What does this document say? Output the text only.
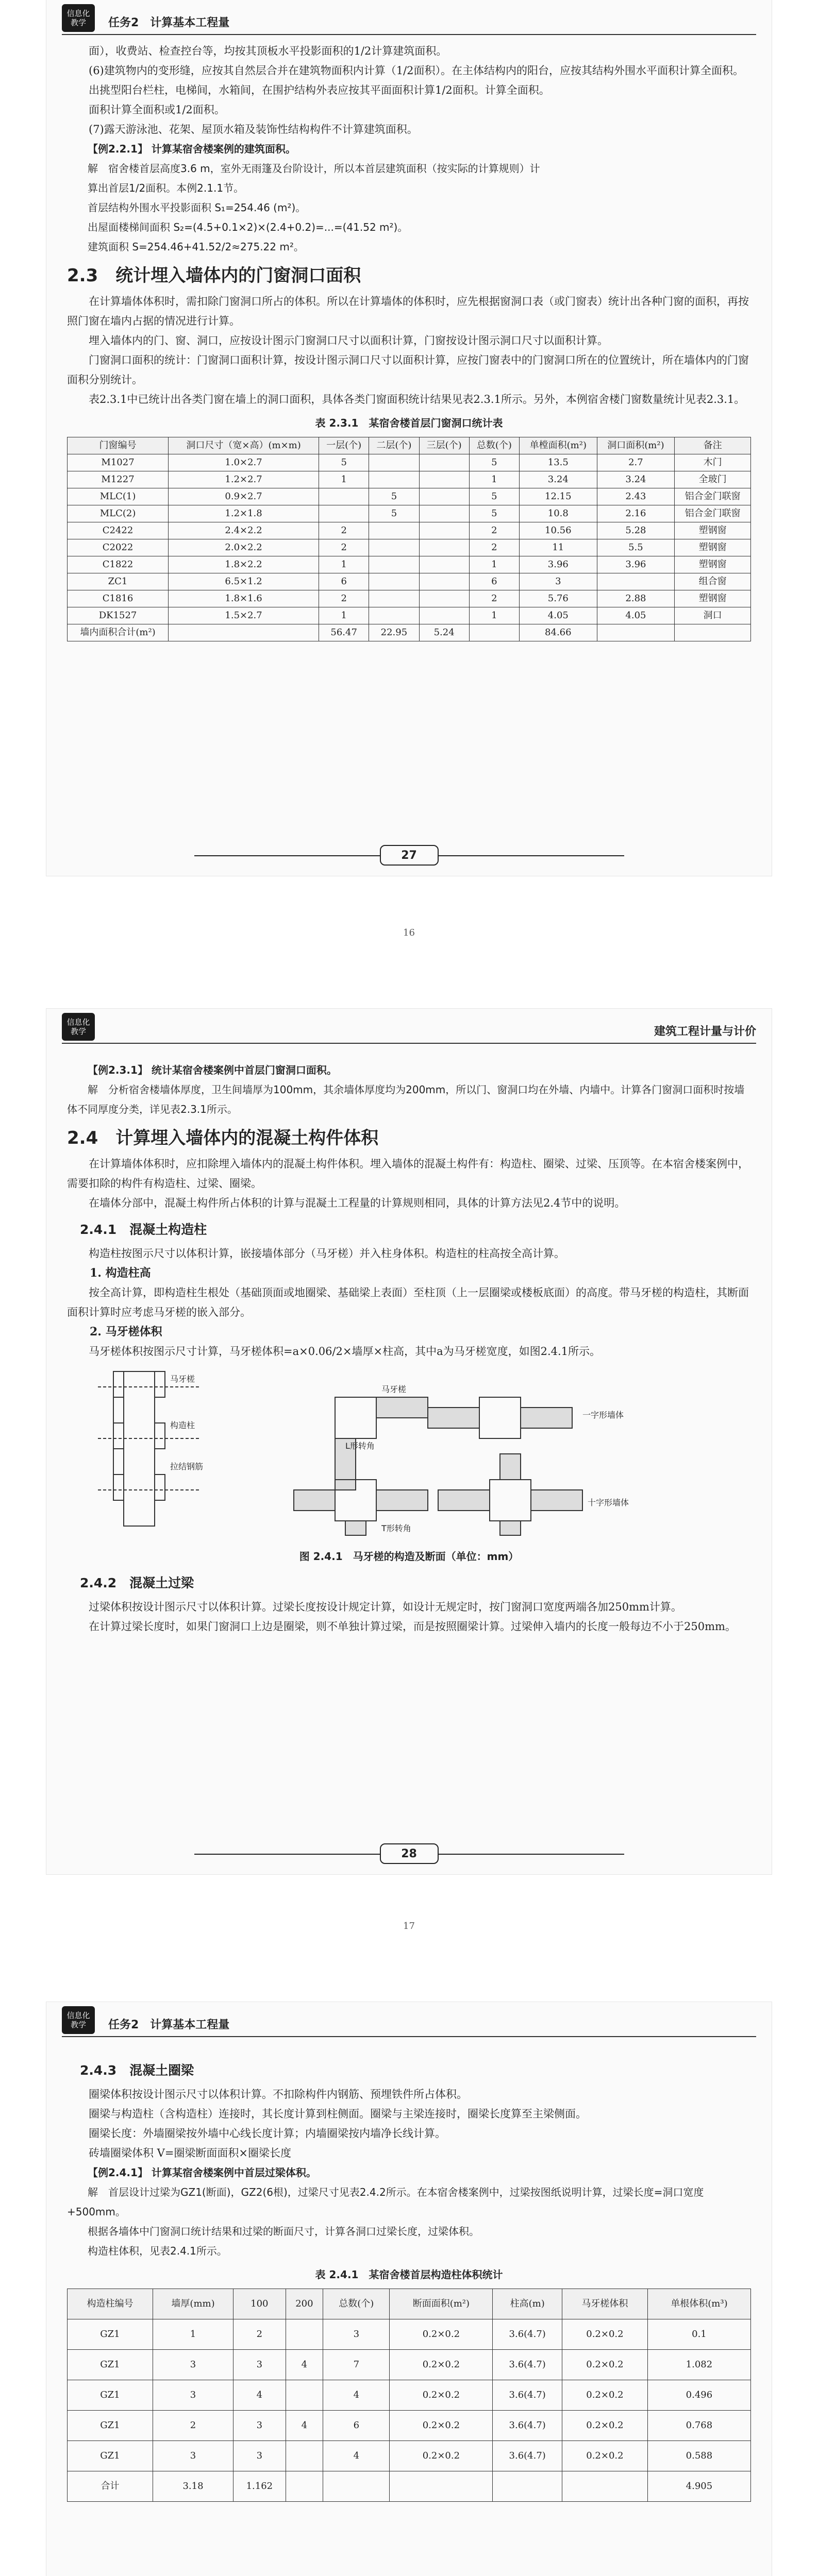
信息化 教学	任务2　计算基本工程量

面），收费站、检查控台等，均按其顶板水平投影面积的1/2计算建筑面积。

(6)建筑物内的变形缝，应按其自然层合并在建筑物面积内计算（1/2面积）。在主体结构内的阳台，应按其结构外围水平面积计算全面积。

出挑型阳台栏柱，电梯间，水箱间，在围护结构外表应按其平面面积计算1/2面积。计算全面积。

面积计算全面积或1/2面积。

(7)露天游泳池、花架、屋顶水箱及装饰性结构构件不计算建筑面积。

【例2.2.1】 计算某宿舍楼案例的建筑面积。
解　宿舍楼首层高度3.6 m，室外无雨篷及台阶设计，所以本首层建筑面积（按实际的计算规则）计
算出首层1/2面积。本例2.1.1节。
首层结构外围水平投影面积 S₁=254.46 (m²)。
出屋面楼梯间面积 S₂=(4.5+0.1×2)×(2.4+0.2)=...=(41.52 m²)。
建筑面积 S=254.46+41.52/2≈275.22 m²。
2.3　统计埋入墙体内的门窗洞口面积

在计算墙体体积时，需扣除门窗洞口所占的体积。所以在计算墙体的体积时，应先根据窗洞口表（或门窗表）统计出各种门窗的面积，再按照门窗在墙内占据的情况进行计算。

埋入墙体内的门、窗、洞口，应按设计图示门窗洞口尺寸以面积计算，门窗按设计图示洞口尺寸以面积计算。

门窗洞口面积的统计：门窗洞口面积计算，按设计图示洞口尺寸以面积计算，应按门窗表中的门窗洞口所在的位置统计，所在墙体内的门窗面积分别统计。

表2.3.1中已统计出各类门窗在墙上的洞口面积，具体各类门窗面积统计结果见表2.3.1所示。另外，本例宿舍楼门窗数量统计见表2.3.1。

表 2.3.1　某宿舍楼首层门窗洞口统计表
门窗编号	洞口尺寸（宽×高）(m×m)	一层(个)	二层(个)	三层(个)	总数(个)	单樘面积(m²)	洞口面积(m²)	备注
M1027	1.0×2.7	5			5	13.5	2.7	木门
M1227	1.2×2.7	1			1	3.24	3.24	全玻门
MLC(1)	0.9×2.7		5		5	12.15	2.43	铝合金门联窗
MLC(2)	1.2×1.8		5		5	10.8	2.16	铝合金门联窗
C2422	2.4×2.2	2			2	10.56	5.28	塑钢窗
C2022	2.0×2.2	2			2	11	5.5	塑钢窗
C1822	1.8×2.2	1			1	3.96	3.96	塑钢窗
ZC1	6.5×1.2	6			6	3		组合窗
C1816	1.8×1.6	2			2	5.76	2.88	塑钢窗
DK1527	1.5×2.7	1			1	4.05	4.05	洞口
墙内面积合计(m²)		56.47	22.95	5.24		84.66		
27
16
信息化 教学	建筑工程计量与计价
【例2.3.1】 统计某宿舍楼案例中首层门窗洞口面积。
解　分析宿舍楼墙体厚度，卫生间墙厚为100mm，其余墙体厚度均为200mm，所以门、窗洞口均在外墙、内墙中。计算各门窗洞口面积时按墙体不同厚度分类，详见表2.3.1所示。
2.4　计算埋入墙体内的混凝土构件体积

在计算墙体体积时，应扣除埋入墙体内的混凝土构件体积。埋入墙体的混凝土构件有：构造柱、圈梁、过梁、压顶等。在本宿舍楼案例中，需要扣除的构件有构造柱、过梁、圈梁。

在墙体分部中，混凝土构件所占体积的计算与混凝土工程量的计算规则相同，具体的计算方法见2.4节中的说明。

2.4.1　混凝土构造柱

构造柱按图示尺寸以体积计算，嵌接墙体部分（马牙槎）并入柱身体积。构造柱的柱高按全高计算。

1. 构造柱高

按全高计算，即构造柱生根处（基础顶面或地圈梁、基础梁上表面）至柱顶（上一层圈梁或楼板底面）的高度。带马牙槎的构造柱，其断面面积计算时应考虑马牙槎的嵌入部分。

2. 马牙槎体积

马牙槎体积按图示尺寸计算，马牙槎体积=a×0.06/2×墙厚×柱高，其中a为马牙槎宽度，如图2.4.1所示。

马牙槎
构造柱
拉结钢筋
马牙槎
L形转角
一字形墙体
T形转角
十字形墙体
图 2.4.1　马牙槎的构造及断面（单位：mm）
2.4.2　混凝土过梁

过梁体积按设计图示尺寸以体积计算。过梁长度按设计规定计算，如设计无规定时，按门窗洞口宽度两端各加250mm计算。

在计算过梁长度时，如果门窗洞口上边是圈梁，则不单独计算过梁，而是按照圈梁计算。过梁伸入墙内的长度一般每边不小于250mm。

28
17
信息化 教学	任务2　计算基本工程量
2.4.3　混凝土圈梁

圈梁体积按设计图示尺寸以体积计算。不扣除构件内钢筋、预埋铁件所占体积。

圈梁与构造柱（含构造柱）连接时，其长度计算到柱侧面。圈梁与主梁连接时，圈梁长度算至主梁侧面。

圈梁长度：外墙圈梁按外墙中心线长度计算；内墙圈梁按内墙净长线计算。

砖墙圈梁体积 V=圈梁断面面积×圈梁长度

【例2.4.1】 计算某宿舍楼案例中首层过梁体积。
解　首层设计过梁为GZ1(断面)，GZ2(6根)，过梁尺寸见表2.4.2所示。在本宿舍楼案例中，过梁按图纸说明计算，过梁长度=洞口宽度+500mm。
根据各墙体中门窗洞口统计结果和过梁的断面尺寸，计算各洞口过梁长度，过梁体积。
构造柱体积，见表2.4.1所示。
表 2.4.1　某宿舍楼首层构造柱体积统计
构造柱编号	墙厚(mm)	100	200	总数(个)	断面面积(m²)	柱高(m)	马牙槎体积	单根体积(m³)
GZ1	1	2		3	0.2×0.2	3.6(4.7)	0.2×0.2	0.1
GZ1	3	3	4	7	0.2×0.2	3.6(4.7)	0.2×0.2	1.082
GZ1	3	4		4	0.2×0.2	3.6(4.7)	0.2×0.2	0.496
GZ1	2	3	4	6	0.2×0.2	3.6(4.7)	0.2×0.2	0.768
GZ1	3	3		4	0.2×0.2	3.6(4.7)	0.2×0.2	0.588
合计	3.18	1.162						4.905
